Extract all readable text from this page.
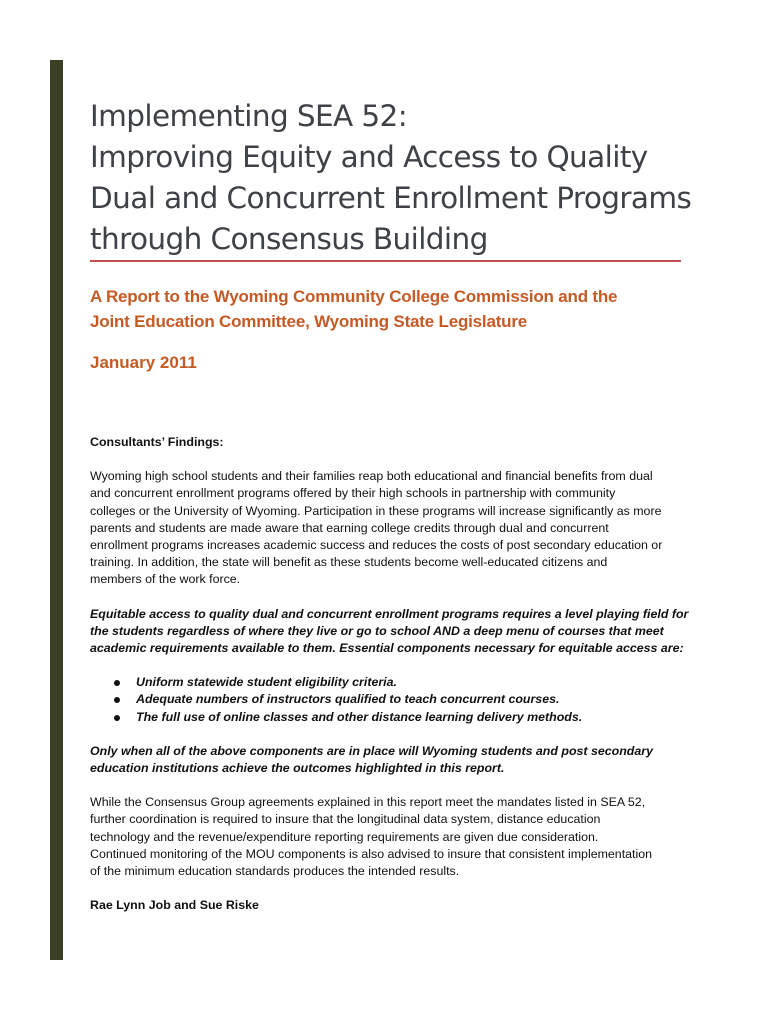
Implementing SEA 52:
Improving Equity and Access to Quality
Dual and Concurrent Enrollment Programs
through Consensus Building
A Report to the Wyoming Community College Commission and the
Joint Education Committee, Wyoming State Legislature
January 2011

Consultants’ Findings:

Wyoming high school students and their families reap both educational and financial benefits from dual
and concurrent enrollment programs offered by their high schools in partnership with community
colleges or the University of Wyoming. Participation in these programs will increase significantly as more
parents and students are made aware that earning college credits through dual and concurrent
enrollment programs increases academic success and reduces the costs of post secondary education or
training. In addition, the state will benefit as these students become well-educated citizens and
members of the work force.

Equitable access to quality dual and concurrent enrollment programs requires a level playing field for
the students regardless of where they live or go to school AND a deep menu of courses that meet
academic requirements available to them. Essential components necessary for equitable access are:

Uniform statewide student eligibility criteria.
Adequate numbers of instructors qualified to teach concurrent courses.
The full use of online classes and other distance learning delivery methods.

Only when all of the above components are in place will Wyoming students and post secondary
education institutions achieve the outcomes highlighted in this report.

While the Consensus Group agreements explained in this report meet the mandates listed in SEA 52,
further coordination is required to insure that the longitudinal data system, distance education
technology and the revenue/expenditure reporting requirements are given due consideration.
Continued monitoring of the MOU components is also advised to insure that consistent implementation
of the minimum education standards produces the intended results.

Rae Lynn Job and Sue Riske
